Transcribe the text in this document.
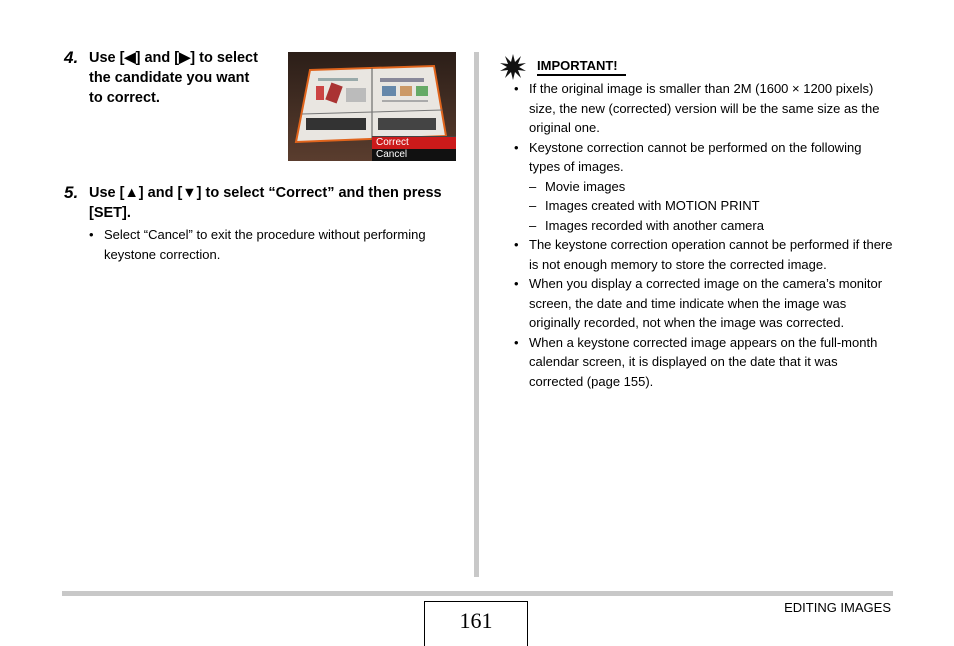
4. Use [◀] and [▶] to select the candidate you want to correct.
Correct
Cancel
5. Use [▲] and [▼] to select “Correct” and then press [SET].
• Select “Cancel” to exit the procedure without performing keystone correction.
IMPORTANT!
• If the original image is smaller than 2M (1600 × 1200 pixels) size, the new (corrected) version will be the same size as the original one.
• Keystone correction cannot be performed on the following types of images.
– Movie images
– Images created with MOTION PRINT
– Images recorded with another camera
• The keystone correction operation cannot be performed if there is not enough memory to store the corrected image.
• When you display a corrected image on the camera’s monitor screen, the date and time indicate when the image was originally recorded, not when the image was corrected.
• When a keystone corrected image appears on the full-month calendar screen, it is displayed on the date that it was corrected (page 155).
161
EDITING IMAGES
